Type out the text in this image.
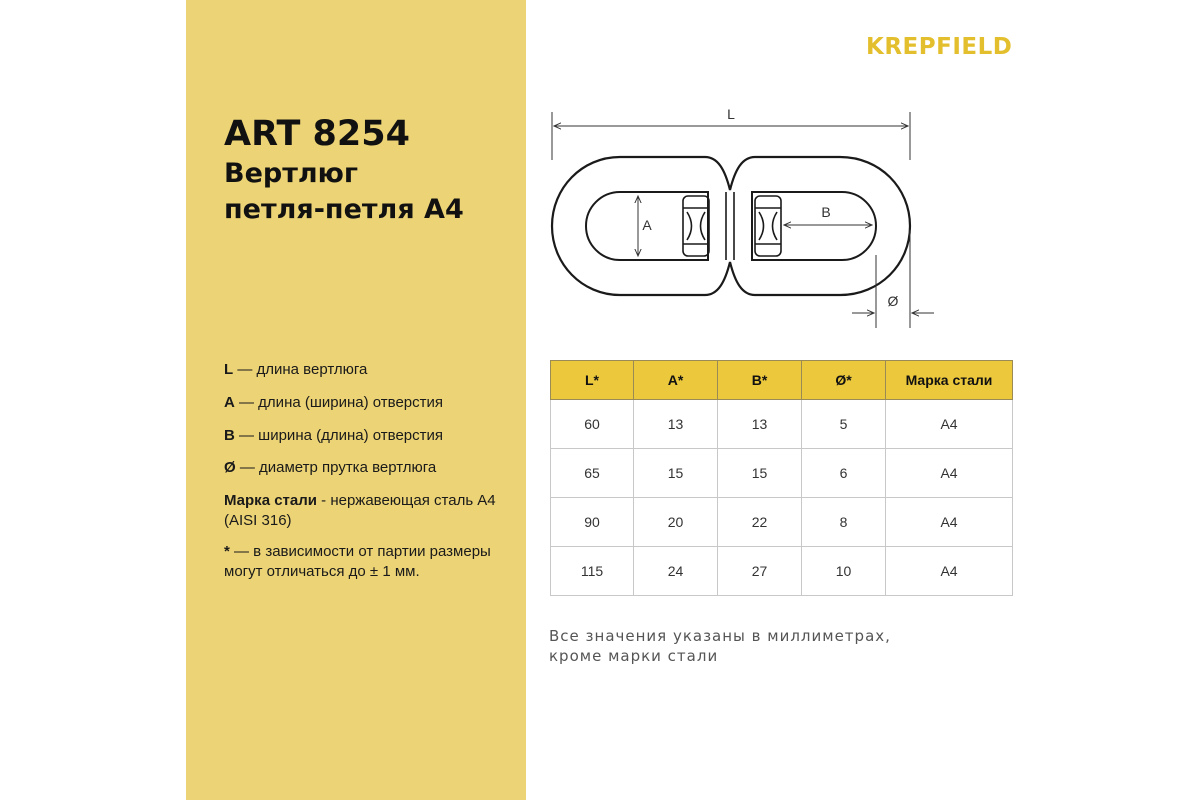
ART 8254
Вертлюг
петля-петля А4
L — длина вертлюга
А — длина (ширина) отверстия
В — ширина (длина) отверстия
Ø — диаметр прутка вертлюга
Марка стали - нержавеющая сталь А4 (AISI 316)
* — в зависимости от партии размеры могут отличаться до ± 1 мм.
KREPFIELD
L
A
B
Ø
L*	A*	B*	Ø*	Марка стали
60	13	13	5	А4
65	15	15	6	А4
90	20	22	8	А4
115	24	27	10	А4
Все значения указаны в миллиметрах,
кроме марки стали
